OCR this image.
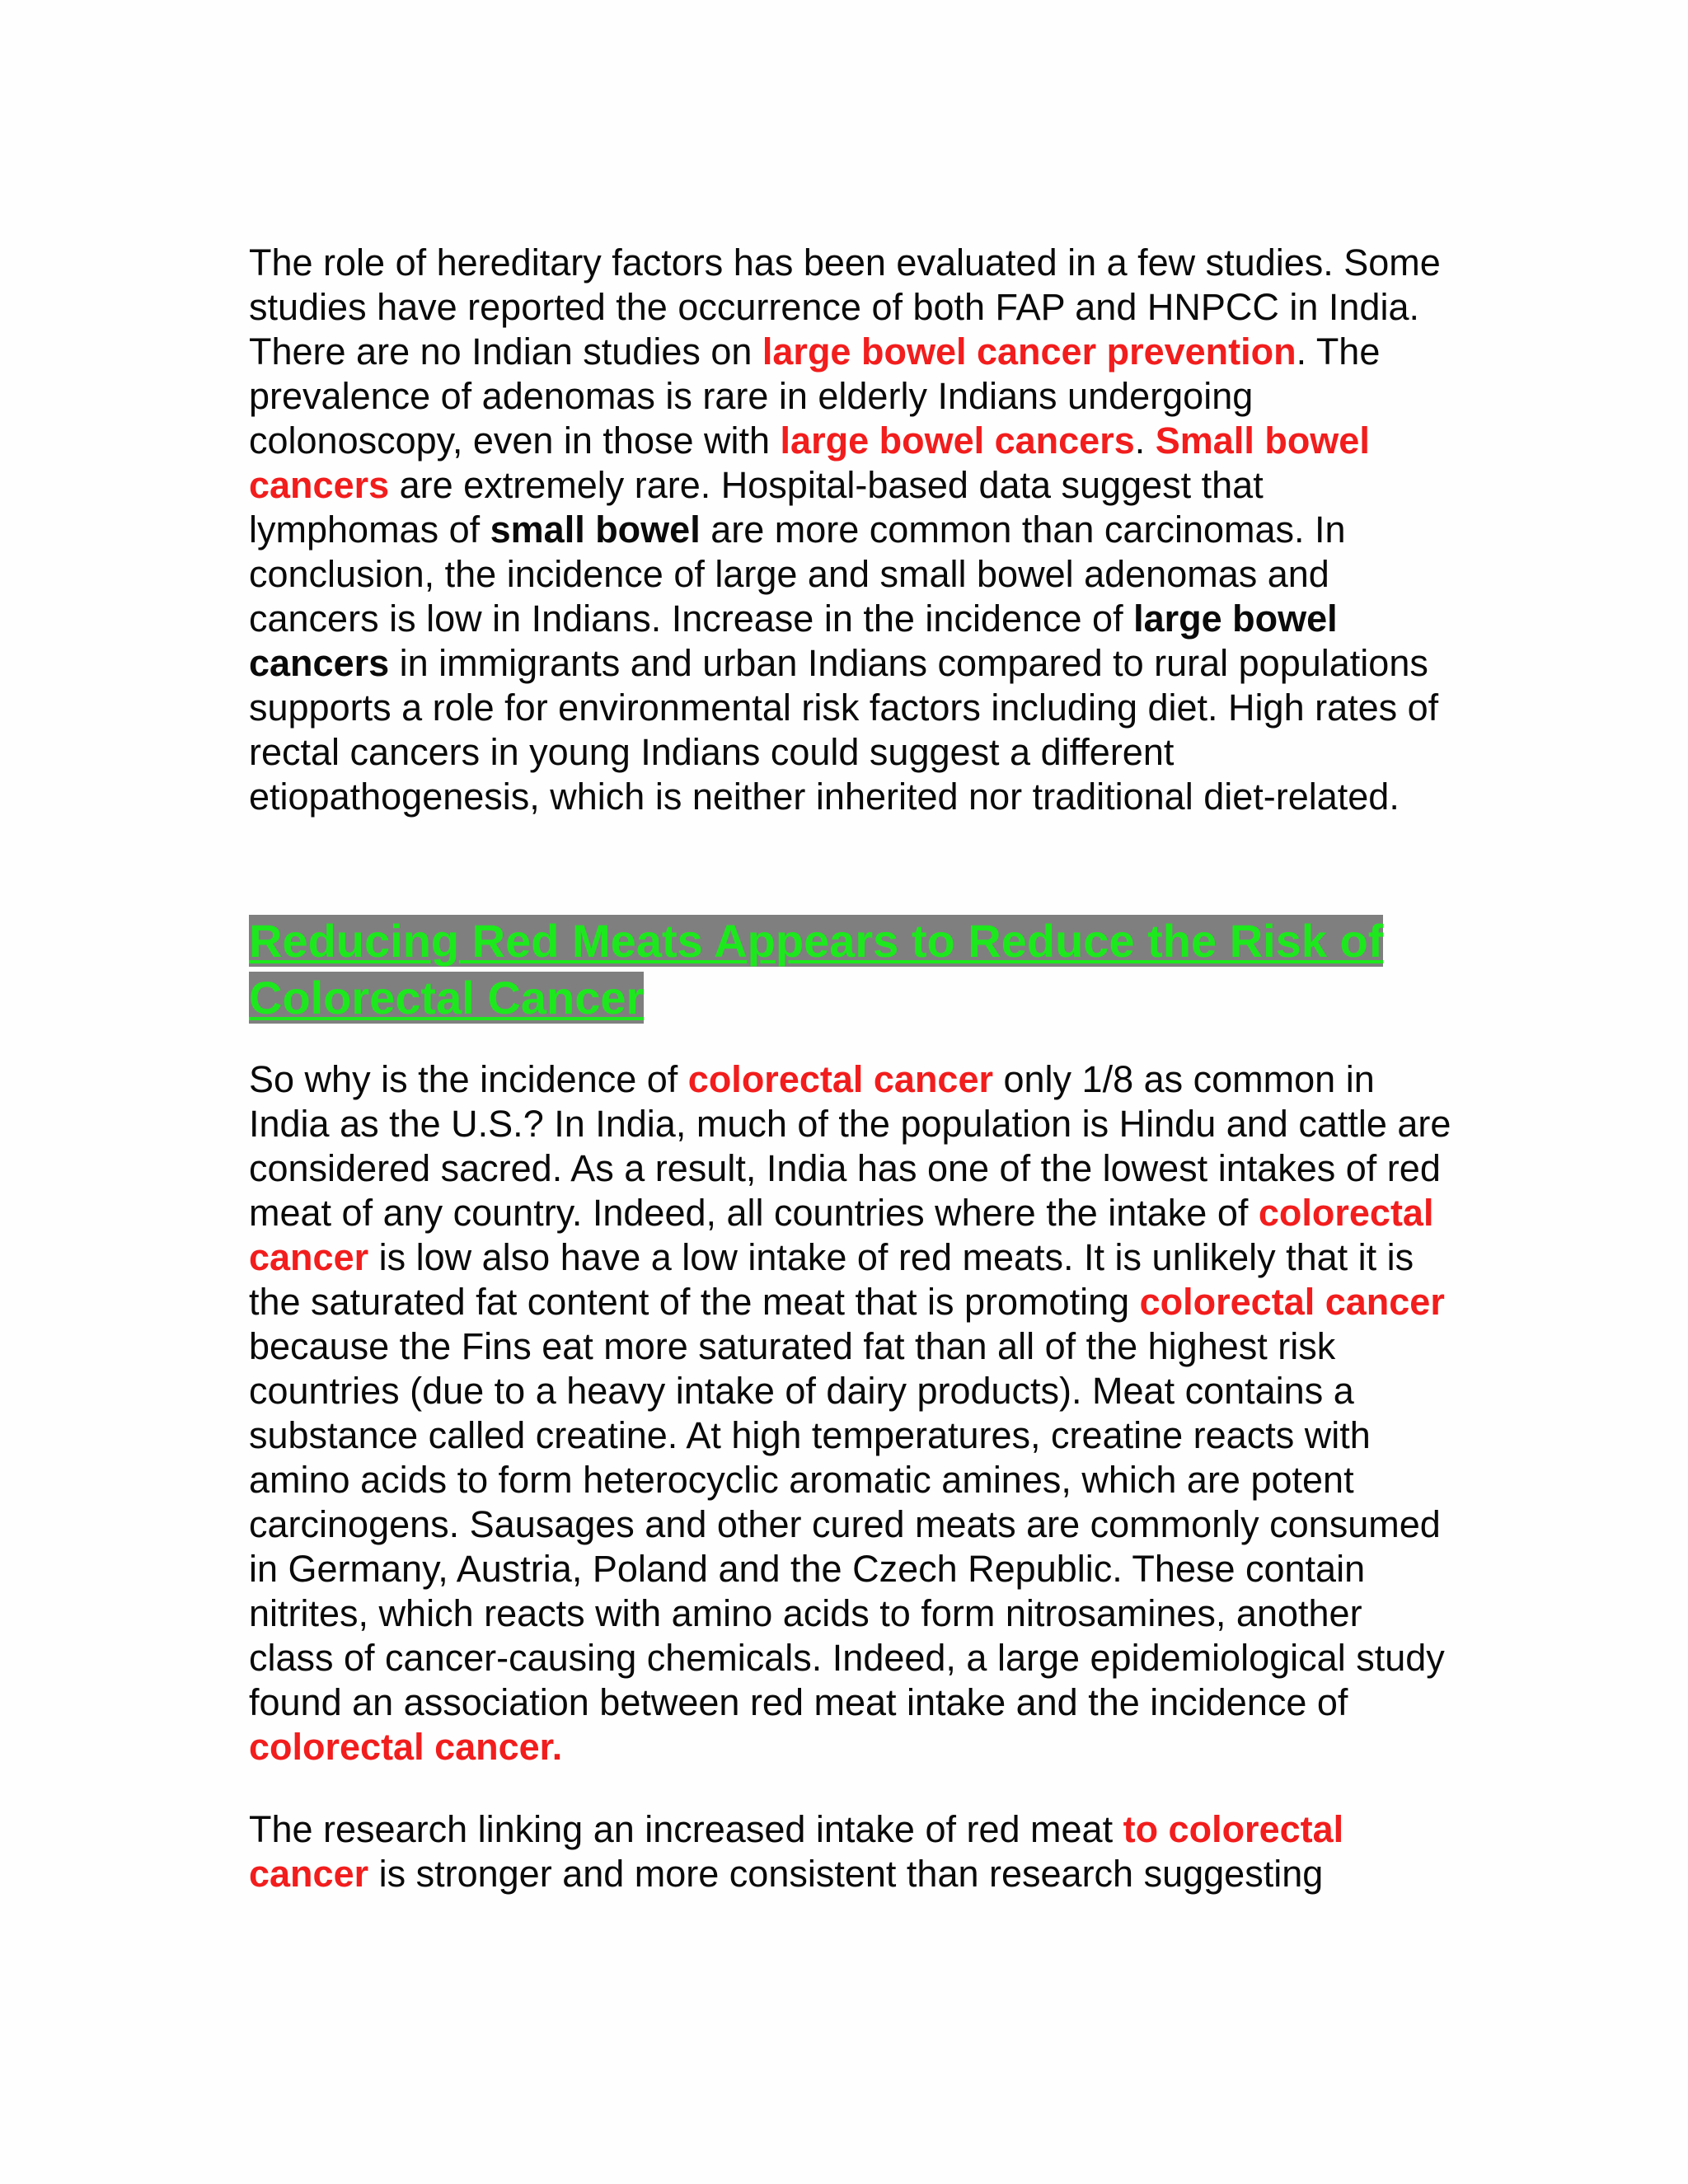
The role of hereditary factors has been evaluated in a few studies. Some studies have reported the occurrence of both FAP and HNPCC in India. There are no Indian studies on large bowel cancer prevention. The prevalence of adenomas is rare in elderly Indians undergoing colonoscopy, even in those with large bowel cancers. Small bowel cancers are extremely rare. Hospital-based data suggest that lymphomas of small bowel are more common than carcinomas. In conclusion, the incidence of large and small bowel adenomas and cancers is low in Indians. Increase in the incidence of large bowel cancers in immigrants and urban Indians compared to rural populations supports a role for environmental risk factors including diet. High rates of rectal cancers in young Indians could suggest a different etiopathogenesis, which is neither inherited nor traditional diet-related.

Reducing Red Meats Appears to Reduce the Risk of Colorectal Cancer

So why is the incidence of colorectal cancer only 1/8 as common in India as the U.S.? In India, much of the population is Hindu and cattle are considered sacred. As a result, India has one of the lowest intakes of red meat of any country. Indeed, all countries where the intake of colorectal cancer is low also have a low intake of red meats. It is unlikely that it is the saturated fat content of the meat that is promoting colorectal cancer because the Fins eat more saturated fat than all of the highest risk countries (due to a heavy intake of dairy products). Meat contains a substance called creatine. At high temperatures, creatine reacts with amino acids to form heterocyclic aromatic amines, which are potent carcinogens. Sausages and other cured meats are commonly consumed in Germany, Austria, Poland and the Czech Republic. These contain nitrites, which reacts with amino acids to form nitrosamines, another class of cancer-causing chemicals. Indeed, a large epidemiological study found an association between red meat intake and the incidence of colorectal cancer.

The research linking an increased intake of red meat to colorectal cancer is stronger and more consistent than research suggesting
